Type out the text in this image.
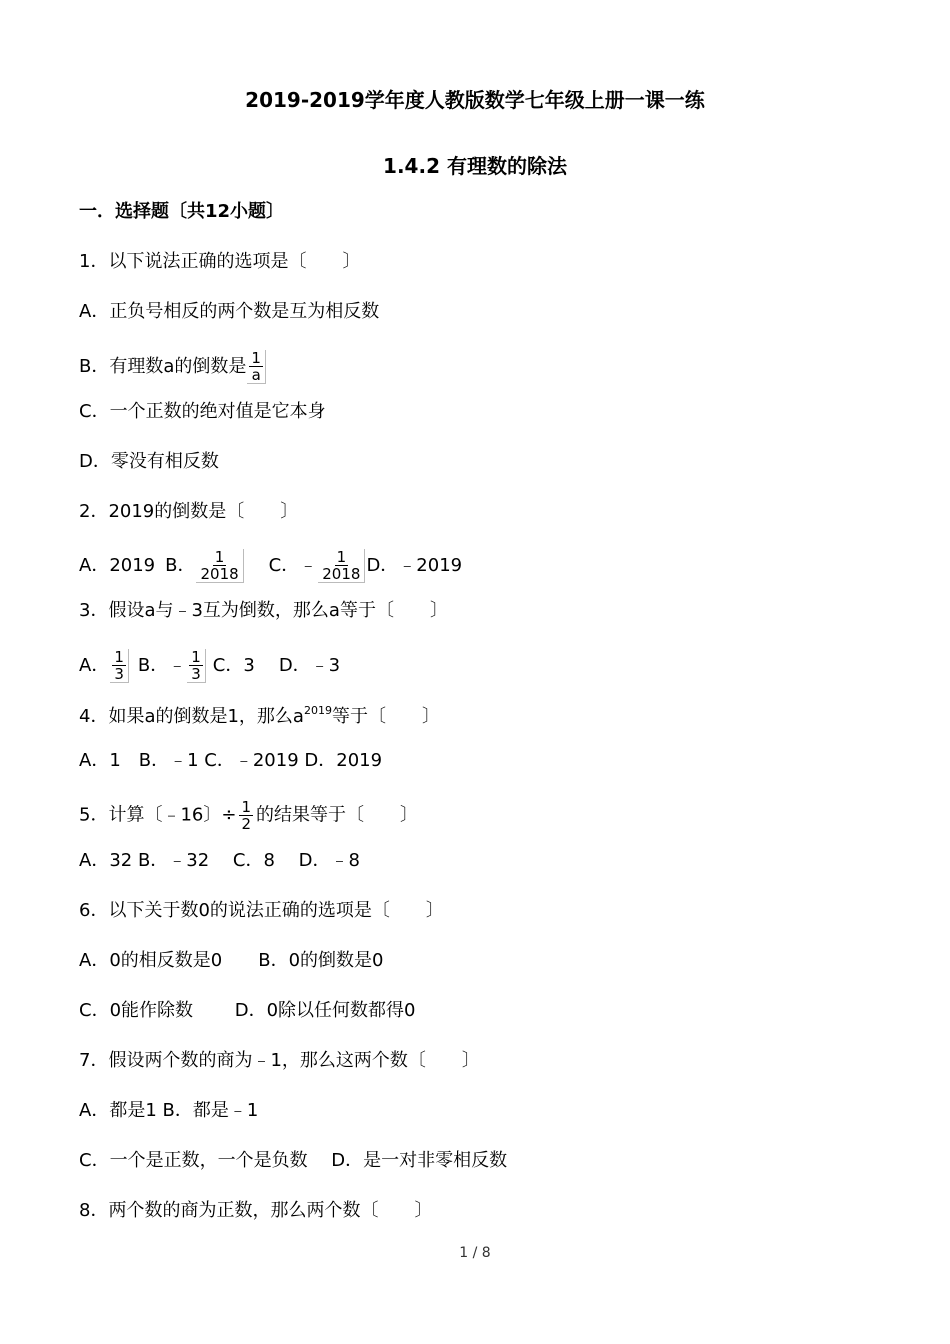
2019-2019学年度人教版数学七年级上册一课一练
1.4.2 有理数的除法
一．选择题〔共12小题〕
1．以下说法正确的选项是〔　　〕
A．正负号相反的两个数是互为相反数
B．有理数a的倒数是 $\frac{1}{a}$
C．一个正数的绝对值是它本身
D．零没有相反数
2．2019的倒数是〔　　〕
A．2019 B． $\frac{1}{2018}$ C．﹣ $\frac{1}{2018}$ D．﹣2019
3．假设a与﹣3互为倒数，那么a等于〔　　〕
A． $\frac{1}{3}$ B．﹣ $\frac{1}{3}$ C．3 D．﹣3
4．如果a的倒数是1，那么$a^{2019}$等于〔　　〕
A．1　B．﹣1 C．﹣2019 D．2019
5．计算〔﹣16〕÷ $\frac{1}{2}$ 的结果等于〔　　〕
A．32 B．﹣32　 C．8　 D．﹣8
6．以下关于数0的说法正确的选项是〔　　〕
A．0的相反数是0　　B．0的倒数是0
C．0能作除数　　 D．0除以任何数都得0
7．假设两个数的商为﹣1，那么这两个数〔　　〕
A．都是1 B．都是﹣1
C．一个是正数，一个是负数　 D．是一对非零相反数
8．两个数的商为正数，那么两个数〔　　〕
1 / 8
